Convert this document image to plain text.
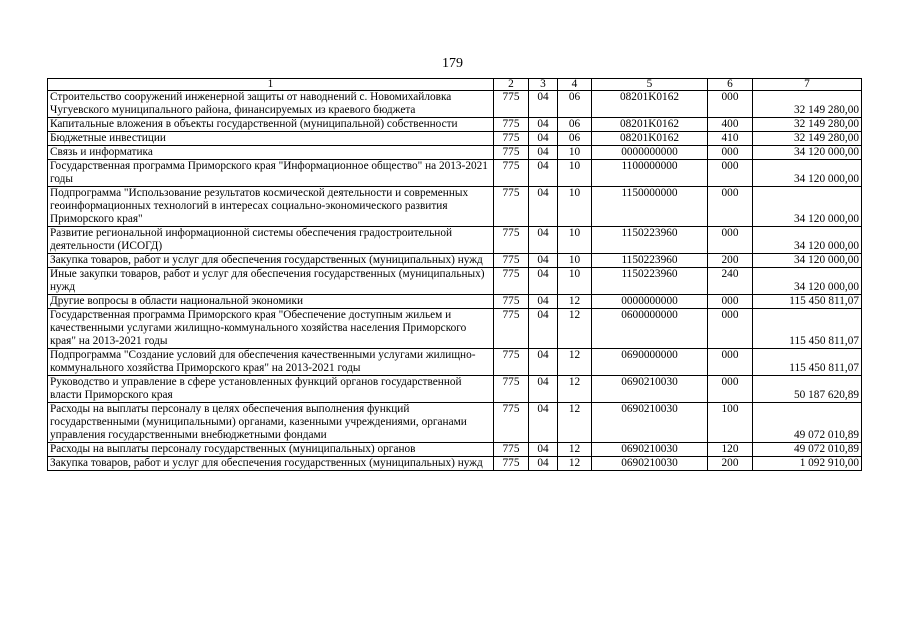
179
1	2	3	4	5	6	7
Строительство сооружений инженерной защиты от наводнений с. Новомихайловка Чугуевского муниципального района, финансируемых из краевого бюджета	775	04	06	08201K0162	000	32 149 280,00
Капитальные вложения в объекты государственной (муниципальной) собственности	775	04	06	08201K0162	400	32 149 280,00
Бюджетные инвестиции	775	04	06	08201K0162	410	32 149 280,00
Связь и информатика	775	04	10	0000000000	000	34 120 000,00
Государственная программа Приморского края "Информационное общество" на 2013-2021 годы	775	04	10	1100000000	000	34 120 000,00
Подпрограмма "Использование результатов космической деятельности и современных геоинформационных технологий в интересах социально-экономического развития Приморского края"	775	04	10	1150000000	000	34 120 000,00
Развитие региональной информационной системы обеспечения градостроительной деятельности (ИСОГД)	775	04	10	1150223960	000	34 120 000,00
Закупка товаров, работ и услуг для обеспечения государственных (муниципальных) нужд	775	04	10	1150223960	200	34 120 000,00
Иные закупки товаров, работ и услуг для обеспечения государственных (муниципальных) нужд	775	04	10	1150223960	240	34 120 000,00
Другие вопросы в области национальной экономики	775	04	12	0000000000	000	115 450 811,07
Государственная программа Приморского края "Обеспечение доступным жильем и качественными услугами жилищно-коммунального хозяйства населения Приморского края" на 2013-2021 годы	775	04	12	0600000000	000	115 450 811,07
Подпрограмма "Создание условий для обеспечения качественными услугами жилищно-коммунального хозяйства Приморского края" на 2013-2021 годы	775	04	12	0690000000	000	115 450 811,07
Руководство и управление в сфере установленных функций органов государственной власти Приморского края	775	04	12	0690210030	000	50 187 620,89
Расходы на выплаты персоналу в целях обеспечения выполнения функций государственными (муниципальными) органами, казенными учреждениями, органами управления государственными внебюджетными фондами	775	04	12	0690210030	100	49 072 010,89
Расходы на выплаты персоналу государственных (муниципальных) органов	775	04	12	0690210030	120	49 072 010,89
Закупка товаров, работ и услуг для обеспечения государственных (муниципальных) нужд	775	04	12	0690210030	200	1 092 910,00
